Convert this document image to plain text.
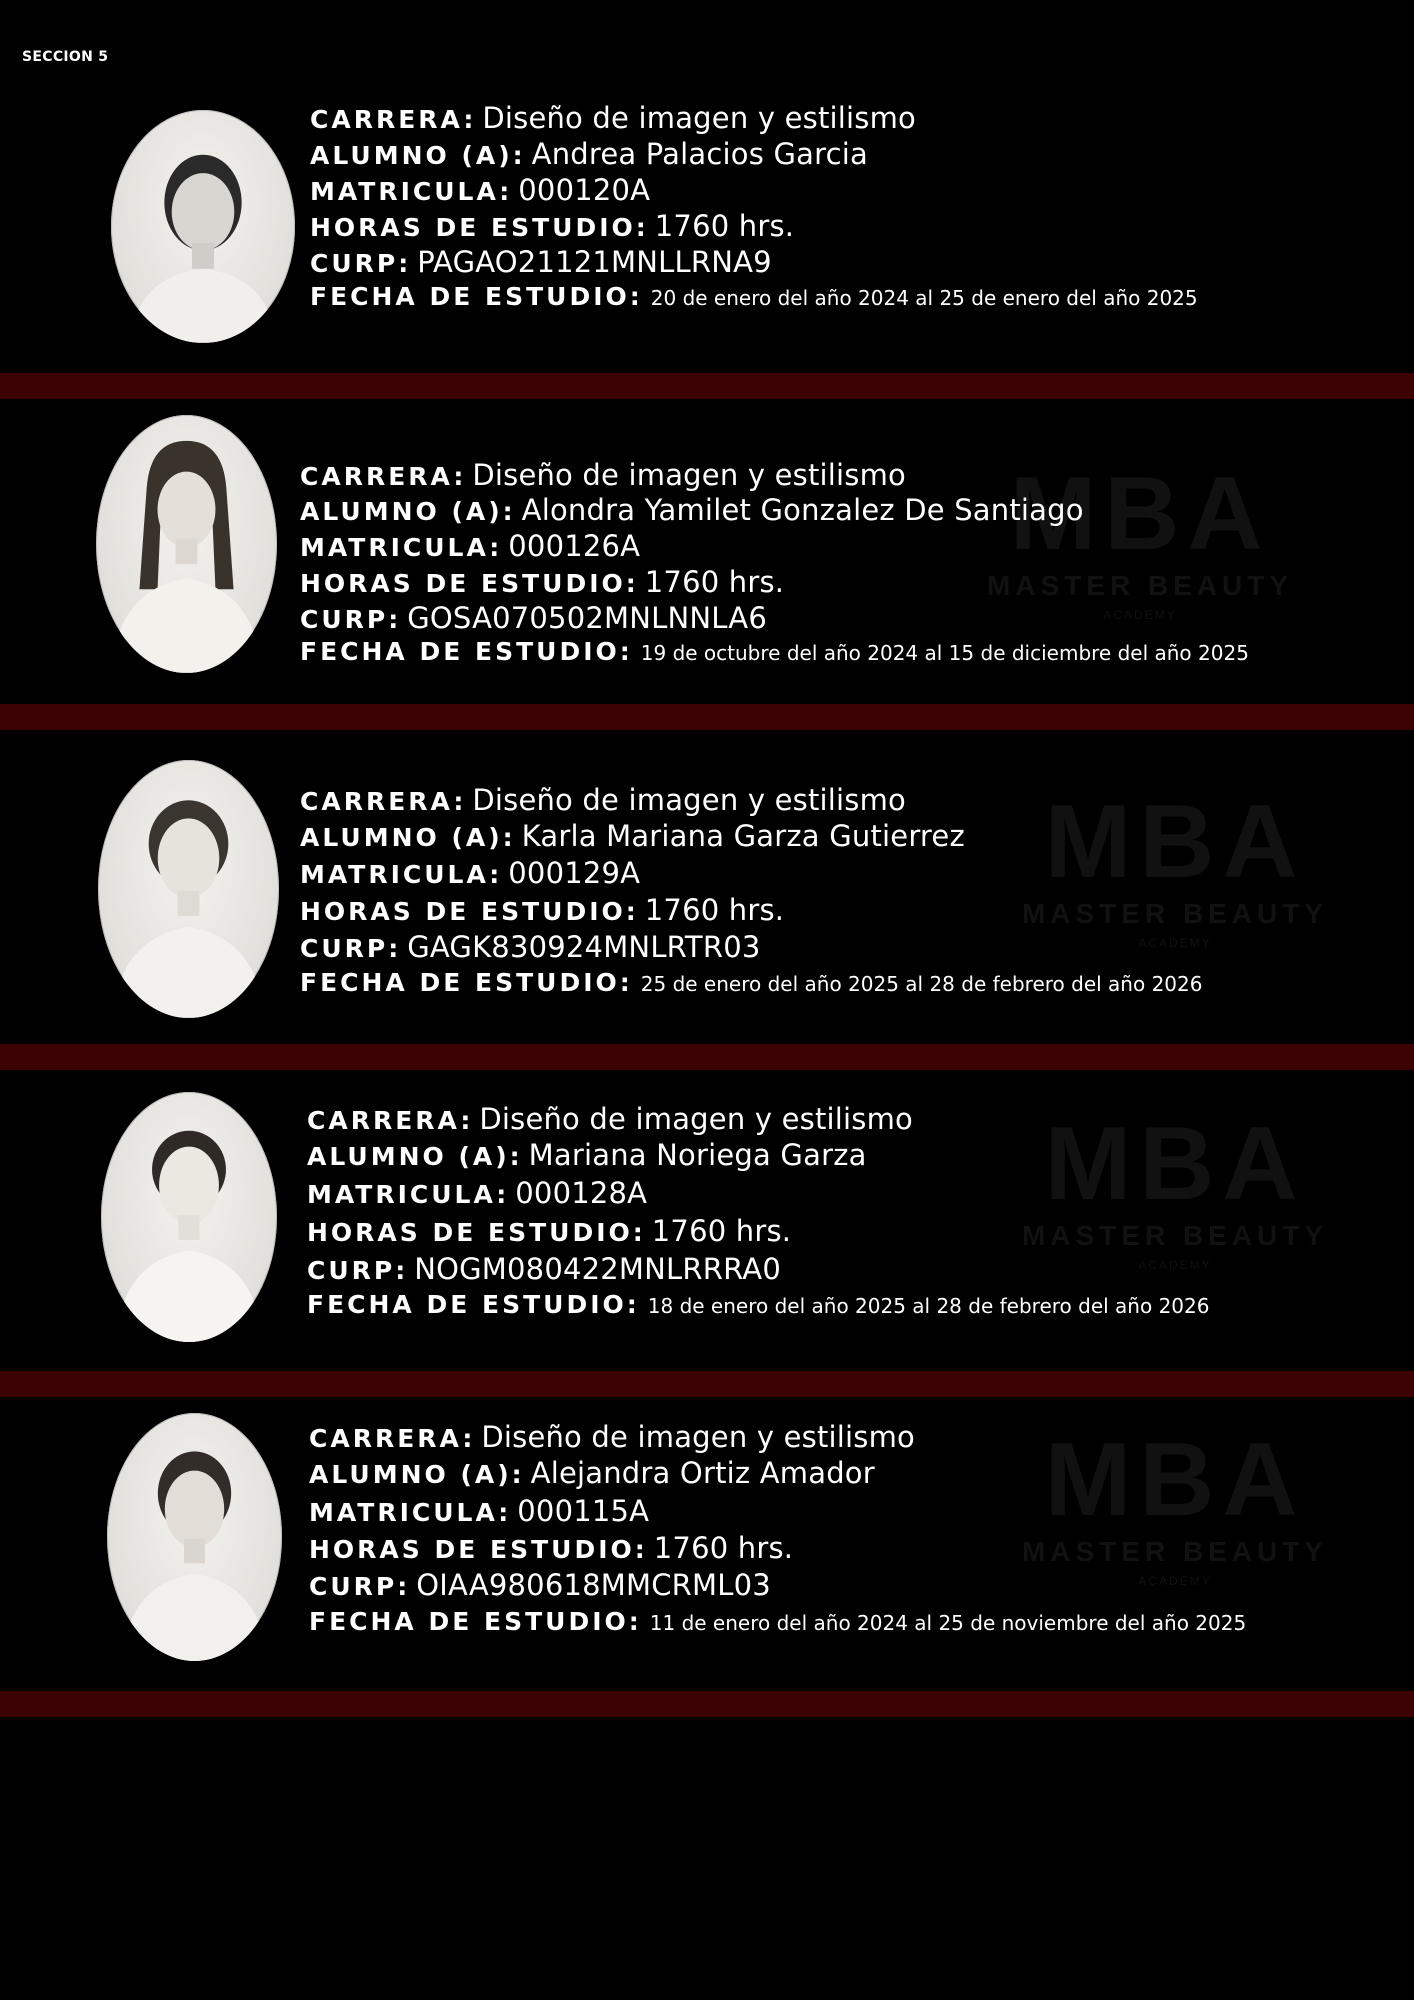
SECCION 5
MBA
MASTER BEAUTY
ACADEMY
MBA
MASTER BEAUTY
ACADEMY
MBA
MASTER BEAUTY
ACADEMY
MBA
MASTER BEAUTY
ACADEMY
CARRERA: Diseño de imagen y estilismo
ALUMNO (A): Andrea Palacios Garcia
MATRICULA: 000120A
HORAS DE ESTUDIO: 1760 hrs.
CURP: PAGAO21121MNLLRNA9
FECHA DE ESTUDIO: 20 de enero del año 2024 al 25 de enero del año 2025
CARRERA: Diseño de imagen y estilismo
ALUMNO (A): Alondra Yamilet Gonzalez De Santiago
MATRICULA: 000126A
HORAS DE ESTUDIO: 1760 hrs.
CURP: GOSA070502MNLNNLA6
FECHA DE ESTUDIO: 19 de octubre del año 2024 al 15 de diciembre del año 2025
CARRERA: Diseño de imagen y estilismo
ALUMNO (A): Karla Mariana Garza Gutierrez
MATRICULA: 000129A
HORAS DE ESTUDIO: 1760 hrs.
CURP: GAGK830924MNLRTR03
FECHA DE ESTUDIO: 25 de enero del año 2025 al 28 de febrero del año 2026
CARRERA: Diseño de imagen y estilismo
ALUMNO (A): Mariana Noriega Garza
MATRICULA: 000128A
HORAS DE ESTUDIO: 1760 hrs.
CURP: NOGM080422MNLRRRA0
FECHA DE ESTUDIO: 18 de enero del año 2025 al 28 de febrero del año 2026
CARRERA: Diseño de imagen y estilismo
ALUMNO (A): Alejandra Ortiz Amador
MATRICULA: 000115A
HORAS DE ESTUDIO: 1760 hrs.
CURP: OIAA980618MMCRML03
FECHA DE ESTUDIO: 11 de enero del año 2024 al 25 de noviembre del año 2025
